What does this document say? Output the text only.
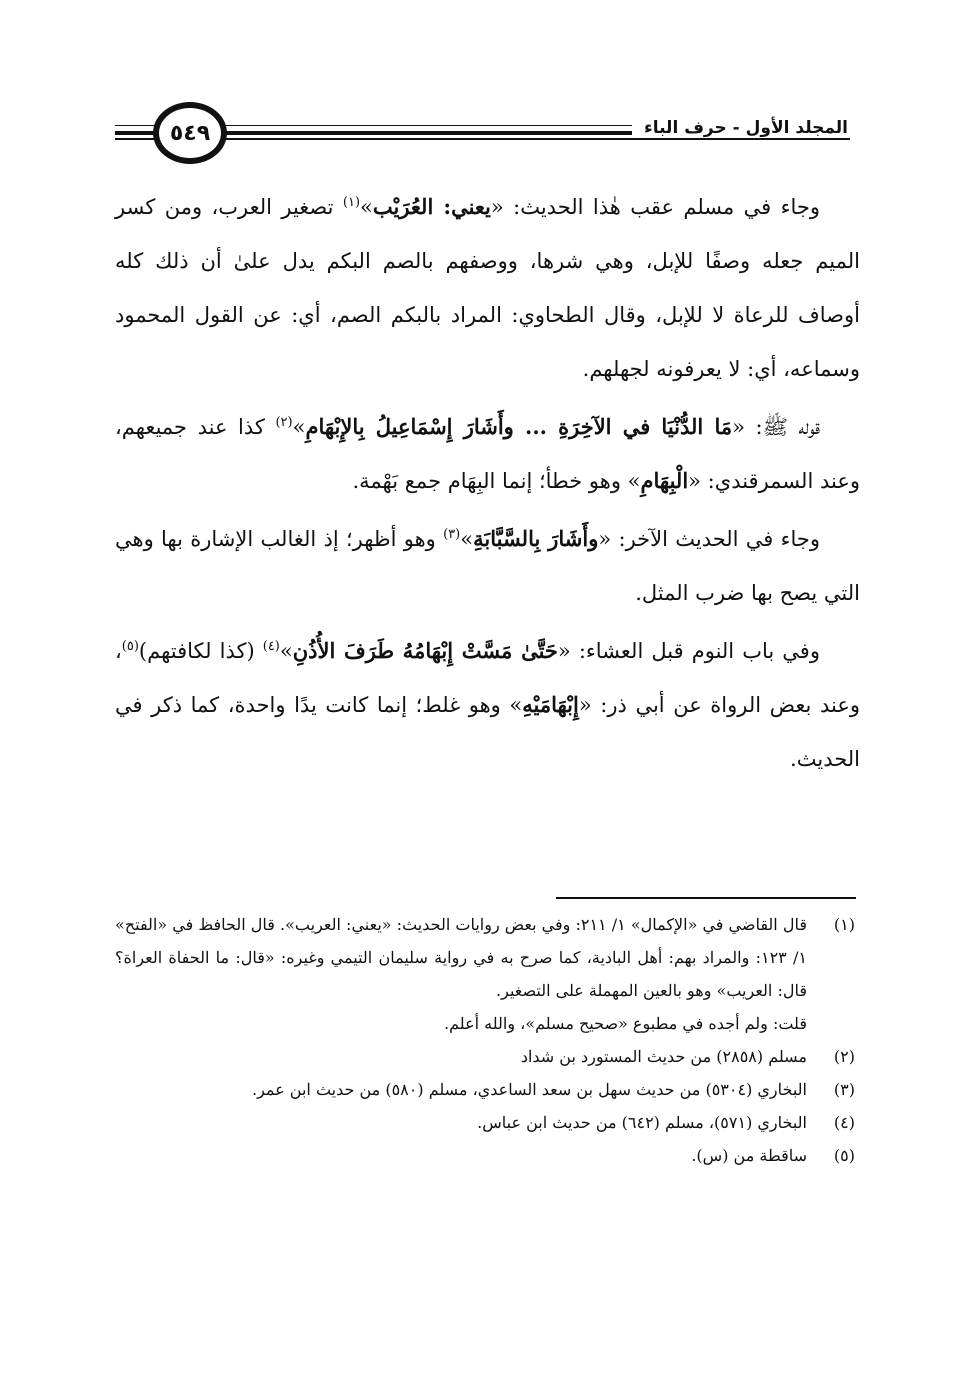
المجلد الأول - حرف الباء
٥٤٩

وجاء في مسلم عقب هٰذا الحديث: «يعني: العُرَيْب»$^{(١)}$ تصغير العرب، ومن كسر الميم جعله وصفًا للإبل، وهي شرها، ووصفهم بالصم البكم يدل علىٰ أن ذلك كله أوصاف للرعاة لا للإبل، وقال الطحاوي: المراد بالبكم الصم، أي: عن القول المحمود وسماعه، أي: لا يعرفونه لجهلهم.

قوله ﷺ: «مَا الدُّنْيَا في الآخِرَةِ ... وأَشَارَ إِسْمَاعِيلُ بِالإِبْهَامِ»$^{(٢)}$ كذا عند جميعهم، وعند السمرقندي: «الْبِهَامِ» وهو خطأ؛ إنما البِهَام جمع بَهْمة.

وجاء في الحديث الآخر: «وأَشَارَ بِالسَّبَّابَةِ»$^{(٣)}$ وهو أظهر؛ إذ الغالب الإشارة بها وهي التي يصح بها ضرب المثل.

وفي باب النوم قبل العشاء: «حَتَّىٰ مَسَّتْ إِبْهَامُهُ طَرَفَ الأُذُنِ»$^{(٤)}$ (كذا لكافتهم)$^{(٥)}$، وعند بعض الرواة عن أبي ذر: «إِبْهَامَيْهِ» وهو غلط؛ إنما كانت يدًا واحدة، كما ذكر في الحديث.

(١)
قال القاضي في «الإكمال» ١/ ٢١١: وفي بعض روايات الحديث: «يعني: العريب». قال الحافظ في «الفتح» ١/ ١٢٣: والمراد بهم: أهل البادية، كما صرح به في رواية سليمان التيمي وغيره: «قال: ما الحفاة العراة؟ قال: العريب» وهو بالعين المهملة على التصغير.

قلت: ولم أجده في مطبوع «صحيح مسلم»، والله أعلم.

(٢)
مسلم (٢٨٥٨) من حديث المستورد بن شداد

(٣)
البخاري (٥٣٠٤) من حديث سهل بن سعد الساعدي، مسلم (٥٨٠) من حديث ابن عمر.

(٤)
البخاري (٥٧١)، مسلم (٦٤٢) من حديث ابن عباس.

(٥)
ساقطة من (س).
